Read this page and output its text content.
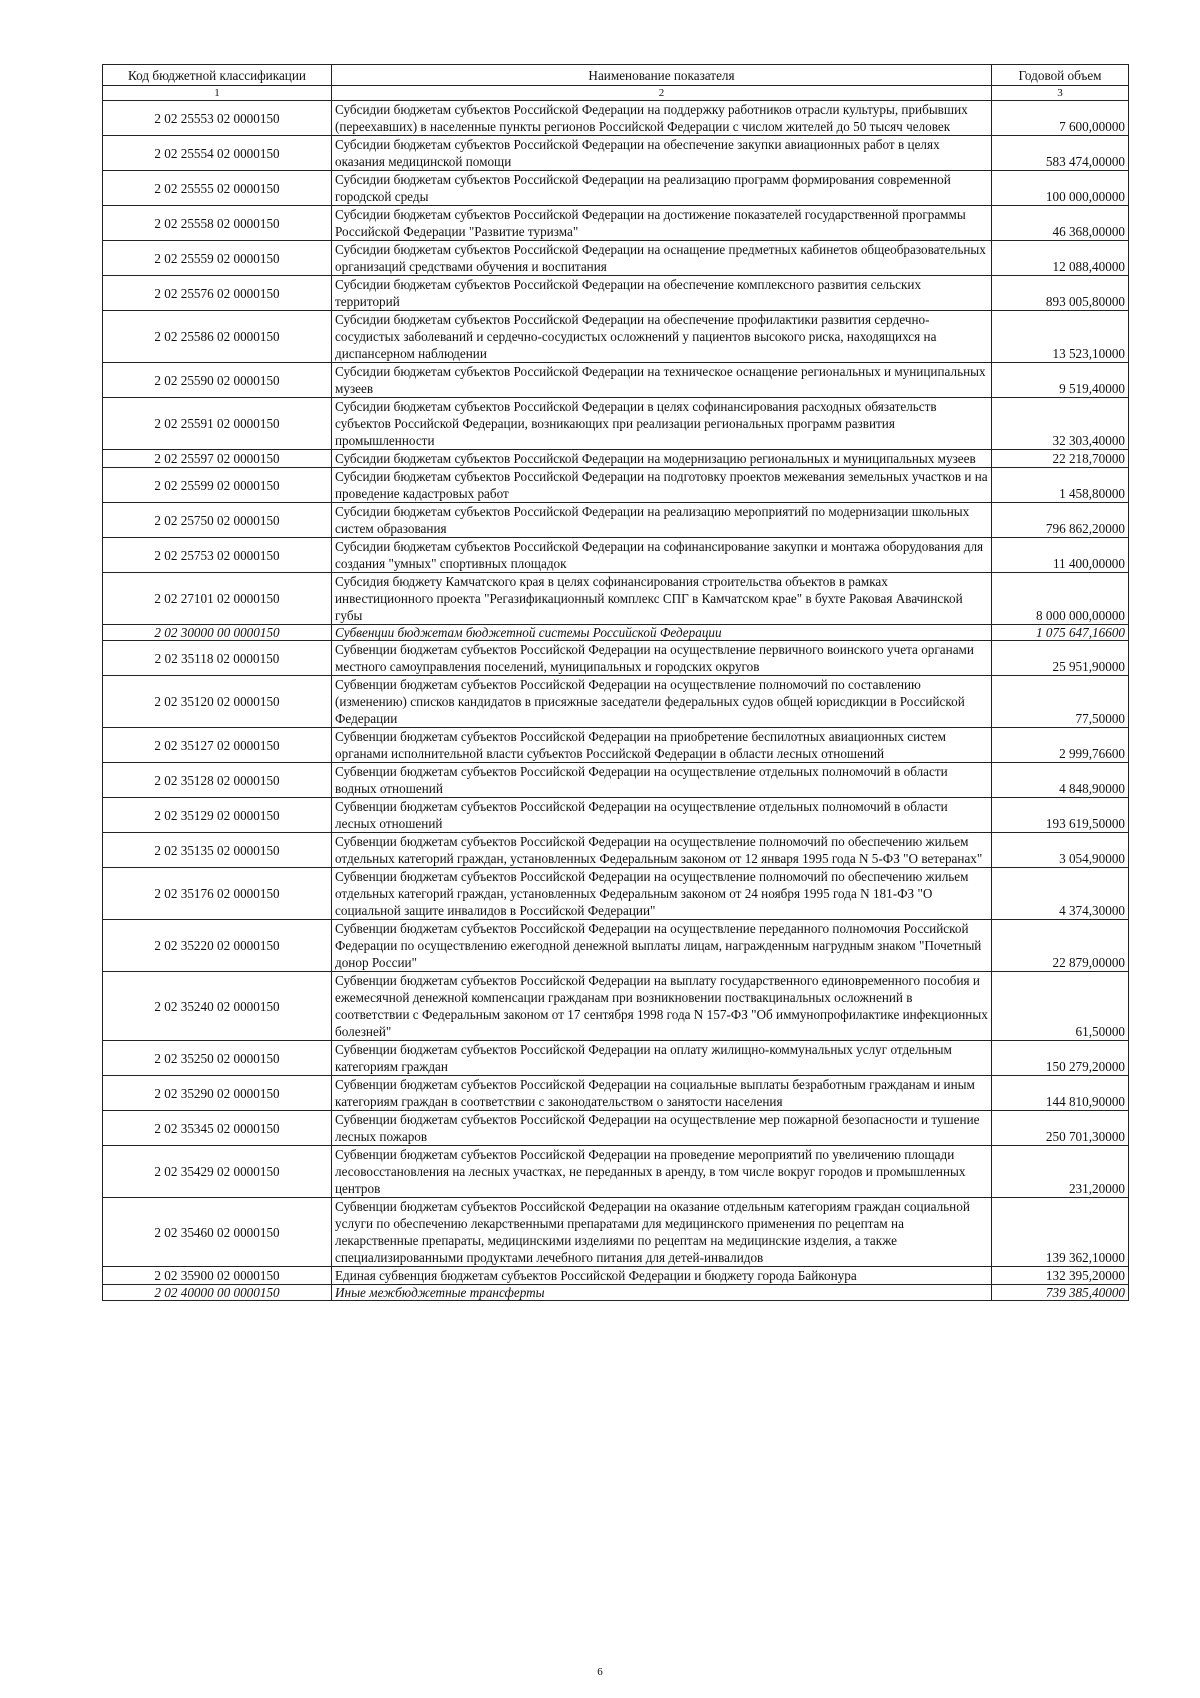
Код бюджетной классификации	Наименование показателя	Годовой объем
1	2	3
2 02 25553 02 0000150	Субсидии бюджетам субъектов Российской Федерации на поддержку работников отрасли культуры, прибывших (переехавших) в населенные пункты регионов Российской Федерации с числом жителей до 50 тысяч человек	7 600,00000
2 02 25554 02 0000150	Субсидии бюджетам субъектов Российской Федерации на обеспечение закупки авиационных работ в целях оказания медицинской помощи	583 474,00000
2 02 25555 02 0000150	Субсидии бюджетам субъектов Российской Федерации на реализацию программ формирования современной городской среды	100 000,00000
2 02 25558 02 0000150	Субсидии бюджетам субъектов Российской Федерации на достижение показателей государственной программы Российской Федерации "Развитие туризма"	46 368,00000
2 02 25559 02 0000150	Субсидии бюджетам субъектов Российской Федерации на оснащение предметных кабинетов общеобразовательных организаций средствами обучения и воспитания	12 088,40000
2 02 25576 02 0000150	Субсидии бюджетам субъектов Российской Федерации на обеспечение комплексного развития сельских территорий	893 005,80000
2 02 25586 02 0000150	Субсидии бюджетам субъектов Российской Федерации на обеспечение профилактики развития сердечно-сосудистых заболеваний и сердечно-сосудистых осложнений у пациентов высокого риска, находящихся на диспансерном наблюдении	13 523,10000
2 02 25590 02 0000150	Субсидии бюджетам субъектов Российской Федерации на техническое оснащение региональных и муниципальных музеев	9 519,40000
2 02 25591 02 0000150	Субсидии бюджетам субъектов Российской Федерации в целях софинансирования расходных обязательств субъектов Российской Федерации, возникающих при реализации региональных программ развития промышленности	32 303,40000
2 02 25597 02 0000150	Субсидии бюджетам субъектов Российской Федерации на модернизацию региональных и муниципальных музеев	22 218,70000
2 02 25599 02 0000150	Субсидии бюджетам субъектов Российской Федерации на подготовку проектов межевания земельных участков и на проведение кадастровых работ	1 458,80000
2 02 25750 02 0000150	Субсидии бюджетам субъектов Российской Федерации на реализацию мероприятий по модернизации школьных систем образования	796 862,20000
2 02 25753 02 0000150	Субсидии бюджетам субъектов Российской Федерации на софинансирование закупки и монтажа оборудования для создания "умных" спортивных площадок	11 400,00000
2 02 27101 02 0000150	Субсидия бюджету Камчатского края в целях софинансирования строительства объектов в рамках инвестиционного проекта "Регазификационный комплекс СПГ в Камчатском крае" в бухте Раковая Авачинской губы	8 000 000,00000
2 02 30000 00 0000150	Субвенции бюджетам бюджетной системы Российской Федерации	1 075 647,16600
2 02 35118 02 0000150	Субвенции бюджетам субъектов Российской Федерации на осуществление первичного воинского учета органами местного самоуправления поселений, муниципальных и городских округов	25 951,90000
2 02 35120 02 0000150	Субвенции бюджетам субъектов Российской Федерации на осуществление полномочий по составлению (изменению) списков кандидатов в присяжные заседатели федеральных судов общей юрисдикции в Российской Федерации	77,50000
2 02 35127 02 0000150	Субвенции бюджетам субъектов Российской Федерации на приобретение беспилотных авиационных систем органами исполнительной власти субъектов Российской Федерации в области лесных отношений	2 999,76600
2 02 35128 02 0000150	Субвенции бюджетам субъектов Российской Федерации на осуществление отдельных полномочий в области водных отношений	4 848,90000
2 02 35129 02 0000150	Субвенции бюджетам субъектов Российской Федерации на осуществление отдельных полномочий в области лесных отношений	193 619,50000
2 02 35135 02 0000150	Субвенции бюджетам субъектов Российской Федерации на осуществление полномочий по обеспечению жильем отдельных категорий граждан, установленных Федеральным законом от 12 января 1995 года N 5-ФЗ "О ветеранах"	3 054,90000
2 02 35176 02 0000150	Субвенции бюджетам субъектов Российской Федерации на осуществление полномочий по обеспечению жильем отдельных категорий граждан, установленных Федеральным законом от 24 ноября 1995 года N 181-ФЗ "О социальной защите инвалидов в Российской Федерации"	4 374,30000
2 02 35220 02 0000150	Субвенции бюджетам субъектов Российской Федерации на осуществление переданного полномочия Российской Федерации по осуществлению ежегодной денежной выплаты лицам, награжденным нагрудным знаком "Почетный донор России"	22 879,00000
2 02 35240 02 0000150	Субвенции бюджетам субъектов Российской Федерации на выплату государственного единовременного пособия и ежемесячной денежной компенсации гражданам при возникновении поствакцинальных осложнений в соответствии с Федеральным законом от 17 сентября 1998 года N 157-ФЗ "Об иммунопрофилактике инфекционных болезней"	61,50000
2 02 35250 02 0000150	Субвенции бюджетам субъектов Российской Федерации на оплату жилищно-коммунальных услуг отдельным категориям граждан	150 279,20000
2 02 35290 02 0000150	Субвенции бюджетам субъектов Российской Федерации на социальные выплаты безработным гражданам и иным категориям граждан в соответствии с законодательством о занятости населения	144 810,90000
2 02 35345 02 0000150	Субвенции бюджетам субъектов Российской Федерации на осуществление мер пожарной безопасности и тушение лесных пожаров	250 701,30000
2 02 35429 02 0000150	Субвенции бюджетам субъектов Российской Федерации на проведение мероприятий по увеличению площади лесовосстановления на лесных участках, не переданных в аренду, в том числе вокруг городов и промышленных центров	231,20000
2 02 35460 02 0000150	Субвенции бюджетам субъектов Российской Федерации на оказание отдельным категориям граждан социальной услуги по обеспечению лекарственными препаратами для медицинского применения по рецептам на лекарственные препараты, медицинскими изделиями по рецептам на медицинские изделия, а также специализированными продуктами лечебного питания для детей-инвалидов	139 362,10000
2 02 35900 02 0000150	Единая субвенция бюджетам субъектов Российской Федерации и бюджету города Байконура	132 395,20000
2 02 40000 00 0000150	Иные межбюджетные трансферты	739 385,40000
6
